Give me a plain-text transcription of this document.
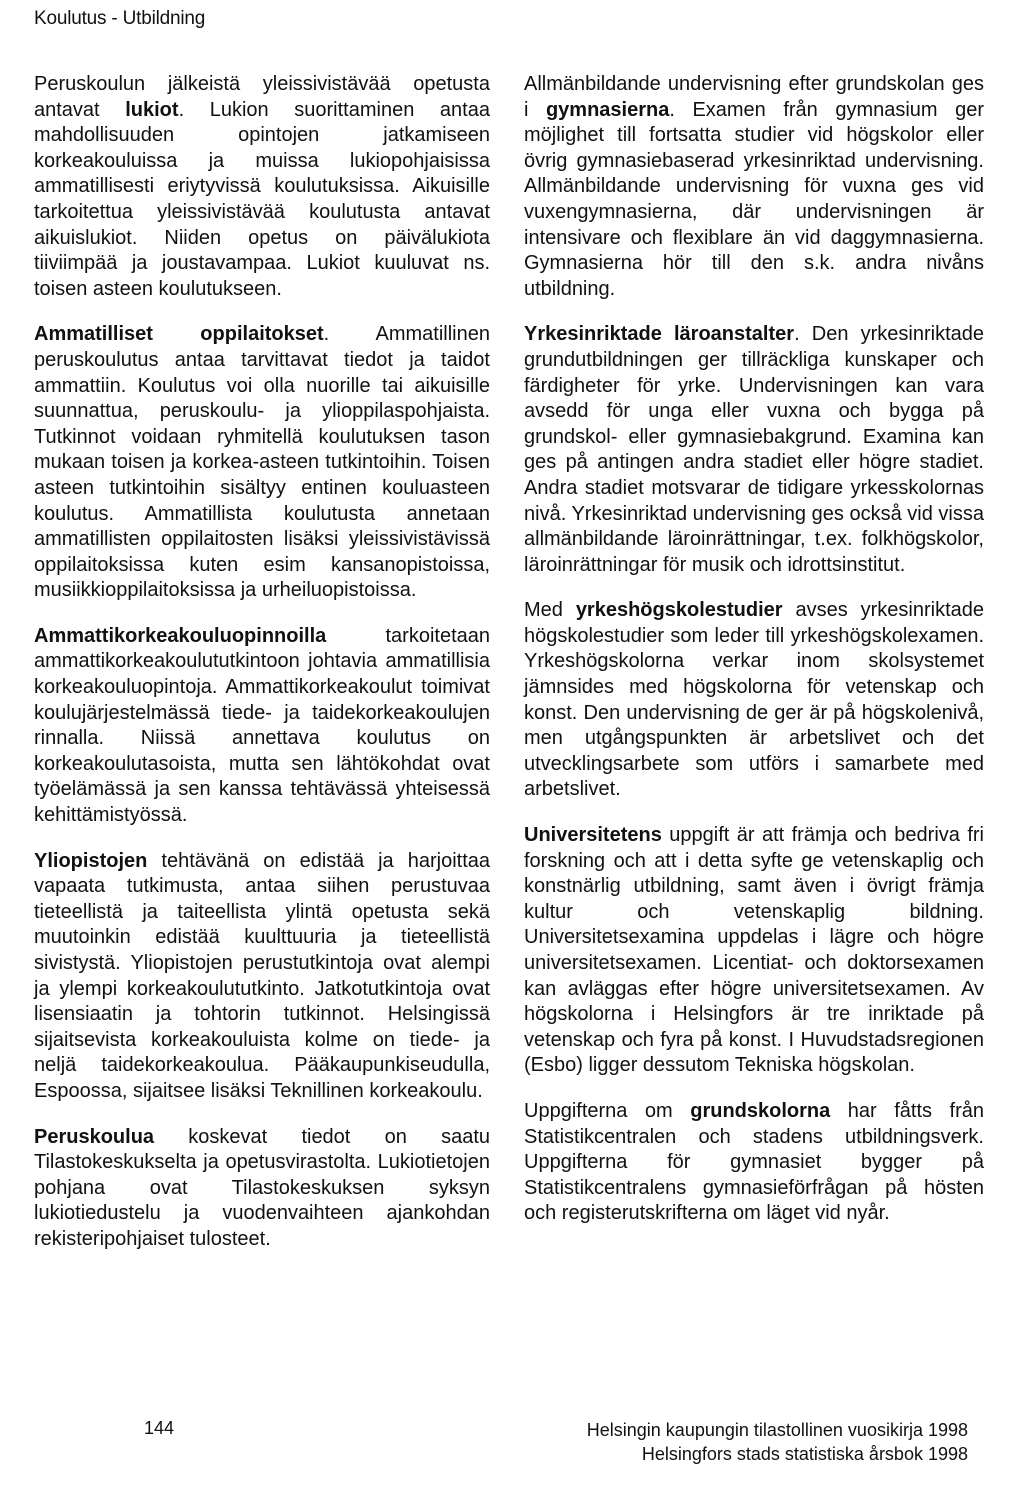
Koulutus - Utbildning

Peruskoulun jälkeistä yleissivistävää opetusta antavat lukiot. Lukion suorittaminen antaa mahdollisuuden opintojen jatkamiseen korkeakouluissa ja muissa lukiopohjaisissa ammatillisesti eriytyvissä koulutuksissa. Aikuisille tarkoitettua yleissivistävää koulutusta antavat aikuislukiot. Niiden opetus on päivälukiota tiiviimpää ja joustavampaa. Lukiot kuuluvat ns. toisen asteen koulutukseen.

Ammatilliset oppilaitokset. Ammatillinen peruskoulutus antaa tarvittavat tiedot ja taidot ammattiin. Koulutus voi olla nuorille tai aikuisille suunnattua, peruskoulu- ja ylioppilaspohjaista. Tutkinnot voidaan ryhmitellä koulutuksen tason mukaan toisen ja korkea-asteen tutkintoihin. Toisen asteen tutkintoihin sisältyy entinen kouluasteen koulutus. Ammatillista koulutusta annetaan ammatillisten oppilaitosten lisäksi yleissivistävissä oppilaitoksissa kuten esim kansanopistoissa, musiikkioppilaitoksissa ja urheiluopistoissa.

Ammattikorkeakouluopinnoilla tarkoitetaan ammattikorkeakoulututkintoon johtavia ammatillisia korkeakouluopintoja. Ammattikorkeakoulut toimivat koulujärjestelmässä tiede- ja taidekorkeakoulujen rinnalla. Niissä annettava koulutus on korkeakoulutasoista, mutta sen lähtökohdat ovat työelämässä ja sen kanssa tehtävässä yhteisessä kehittämistyössä.

Yliopistojen tehtävänä on edistää ja harjoittaa vapaata tutkimusta, antaa siihen perustuvaa tieteellistä ja taiteellista ylintä opetusta sekä muutoinkin edistää kuulttuuria ja tieteellistä sivistystä. Yliopistojen perustutkintoja ovat alempi ja ylempi korkeakoulututkinto. Jatkotutkintoja ovat lisensiaatin ja tohtorin tutkinnot. Helsingissä sijaitsevista korkeakouluista kolme on tiede- ja neljä taidekorkeakoulua. Pääkaupunkiseudulla, Espoossa, sijaitsee lisäksi Teknillinen korkeakoulu.

Peruskoulua koskevat tiedot on saatu Tilastokeskukselta ja opetusvirastolta. Lukiotietojen pohjana ovat Tilastokeskuksen syksyn lukiotiedustelu ja vuodenvaihteen ajankohdan rekisteripohjaiset tulosteet.

Allmänbildande undervisning efter grundskolan ges i gymnasierna. Examen från gymnasium ger möjlighet till fortsatta studier vid högskolor eller övrig gymnasiebaserad yrkesinriktad undervisning. Allmänbildande undervisning för vuxna ges vid vuxengymnasierna, där undervisningen är intensivare och flexiblare än vid daggymnasierna. Gymnasierna hör till den s.k. andra nivåns utbildning.

Yrkesinriktade läroanstalter. Den yrkesinriktade grundutbildningen ger tillräckliga kunskaper och färdigheter för yrke. Undervisningen kan vara avsedd för unga eller vuxna och bygga på grundskol- eller gymnasiebakgrund. Examina kan ges på antingen andra stadiet eller högre stadiet. Andra stadiet motsvarar de tidigare yrkesskolornas nivå. Yrkesinriktad undervisning ges också vid vissa allmänbildande läroinrättningar, t.ex. folkhögskolor, läroinrättningar för musik och idrottsinstitut.

Med yrkeshögskolestudier avses yrkesinriktade högskolestudier som leder till yrkeshögskolexamen. Yrkeshögskolorna verkar inom skolsystemet jämnsides med högskolorna för vetenskap och konst. Den undervisning de ger är på högskolenivå, men utgångspunkten är arbetslivet och det utvecklingsarbete som utförs i samarbete med arbetslivet.

Universitetens uppgift är att främja och bedriva fri forskning och att i detta syfte ge vetenskaplig och konstnärlig utbildning, samt även i övrigt främja kultur och vetenskaplig bildning. Universitetsexamina uppdelas i lägre och högre universitetsexamen. Licentiat- och doktorsexamen kan avläggas efter högre universitetsexamen. Av högskolorna i Helsingfors är tre inriktade på vetenskap och fyra på konst. I Huvudstadsregionen (Esbo) ligger dessutom Tekniska högskolan.

Uppgifterna om grundskolorna har fåtts från Statistikcentralen och stadens utbildningsverk. Uppgifterna för gymnasiet bygger på Statistikcentralens gymnasieförfrågan på hösten och registerutskrifterna om läget vid nyår.

144	Helsingin kaupungin tilastollinen vuosikirja 1998
Helsingfors stads statistiska årsbok 1998
